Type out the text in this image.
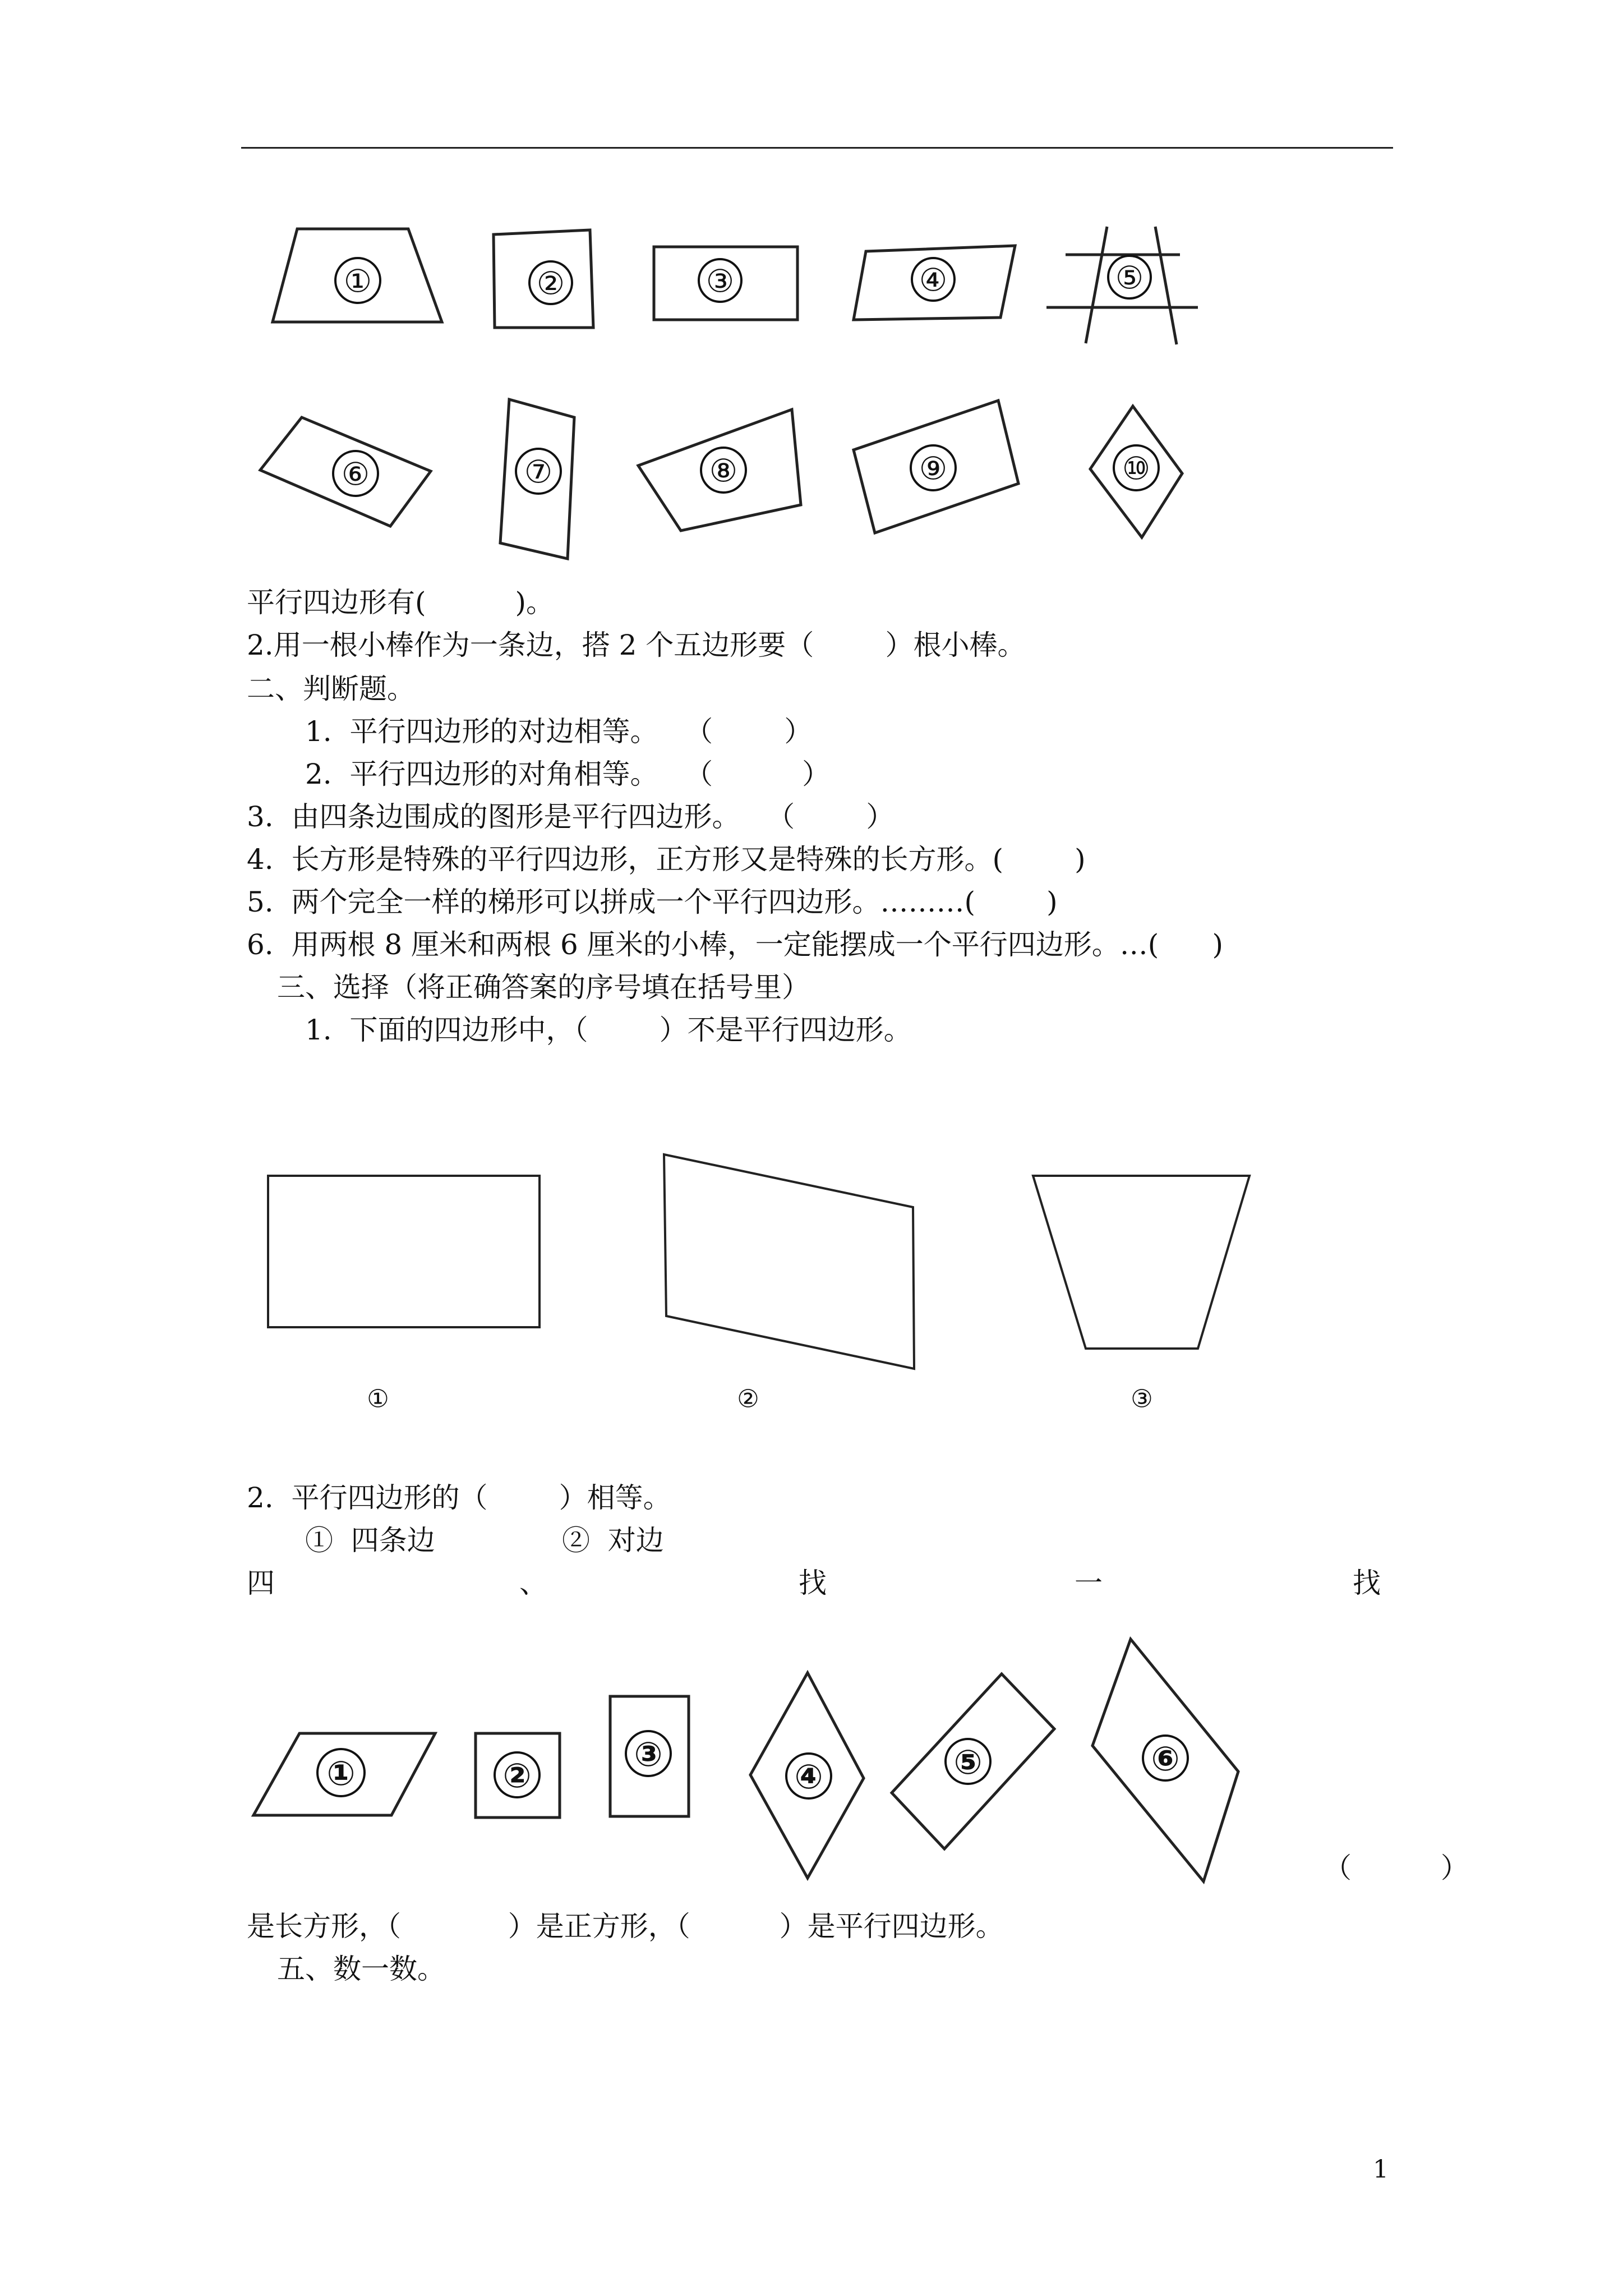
①	②	③	④	⑤
⑥	⑦	⑧	⑨	⑩
①	②	③
①	②
③
④	⑤	⑥
平行四边形有(          )。
2.用一根小棒作为一条边，搭 2 个五边形要（        ）根小棒。
二、判断题。
1.  平行四边形的对边相等。   （        ）
2.  平行四边形的对角相等。   （          ）
3.  由四条边围成的图形是平行四边形。   （        ）
4.  长方形是特殊的平行四边形，正方形又是特殊的长方形。(        )
5.  两个完全一样的梯形可以拼成一个平行四边形。………(        )
6.  用两根 8 厘米和两根 6 厘米的小棒，一定能摆成一个平行四边形。…(      )
三、选择（将正确答案的序号填在括号里）
1.  下面的四边形中，（        ）不是平行四边形。
2.  平行四边形的（        ）相等。
①  四条边	②  对边
四	、	找	一	找
（          ）
是长方形，（            ）是正方形，（          ）是平行四边形。
五、数一数。
1
